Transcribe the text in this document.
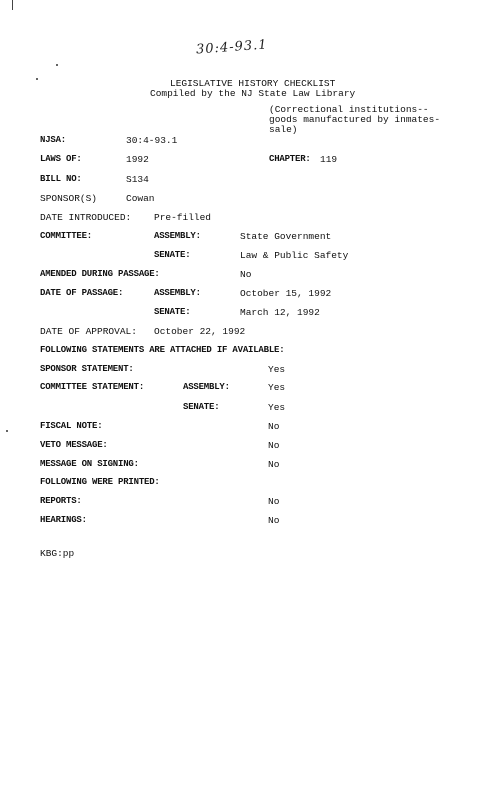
30:4-93.1
LEGISLATIVE HISTORY CHECKLIST
Compiled by the NJ State Law Library
(Correctional institutions--
goods manufactured by inmates-
sale)
NJSA:	30:4-93.1
LAWS OF:	1992	CHAPTER: 119
BILL NO:	S134
SPONSOR(S)	Cowan
DATE INTRODUCED: Pre-filled
COMMITTEE:	ASSEMBLY:	State Government
SENATE:	Law & Public Safety
AMENDED DURING PASSAGE:	No
DATE OF PASSAGE:	ASSEMBLY:	October 15, 1992
SENATE:	March 12, 1992
DATE OF APPROVAL: October 22, 1992
FOLLOWING STATEMENTS ARE ATTACHED IF AVAILABLE:
SPONSOR STATEMENT:	Yes
COMMITTEE STATEMENT:	ASSEMBLY:	Yes
SENATE:	Yes
FISCAL NOTE:	No
VETO MESSAGE:	No
MESSAGE ON SIGNING:	No
FOLLOWING WERE PRINTED:
REPORTS:	No
HEARINGS:	No
KBG:pp
